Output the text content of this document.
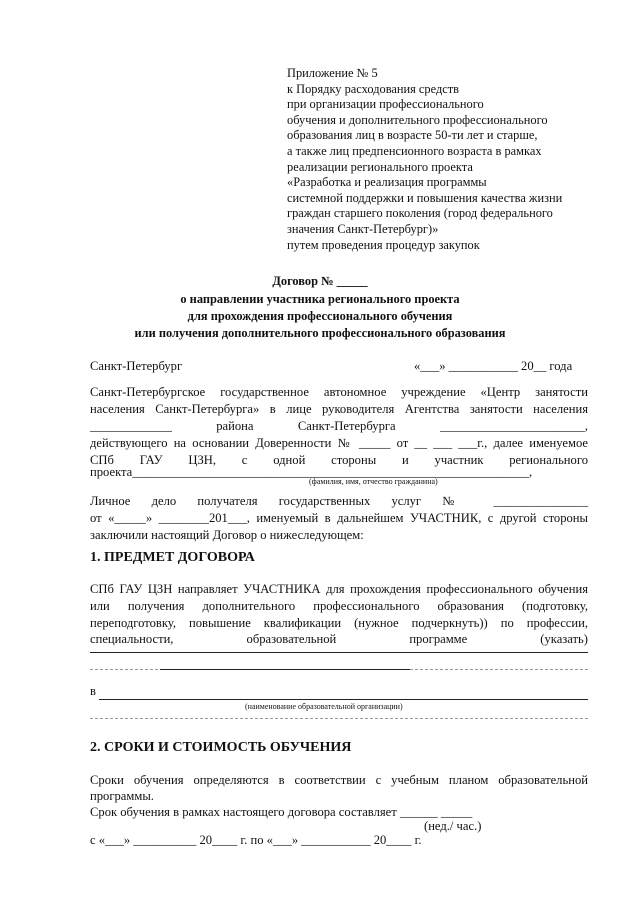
Приложение № 5
к Порядку расходования средств
при организации профессионального
обучения и дополнительного профессионального
образования лиц в возрасте 50-ти лет и старше,
а также лиц предпенсионного возраста в рамках
реализации регионального проекта
«Разработка и реализация программы
системной поддержки и повышения качества жизни
граждан старшего поколения (город федерального
значения Санкт-Петербург)»
путем проведения процедур закупок
Договор № _____
о направлении участника регионального проекта
для прохождения профессионального обучения
или получения дополнительного профессионального образования
Санкт-Петербург	«___» ___________ 20__ года
Санкт-Петербургское государственное автономное учреждение «Центр занятости
населения Санкт-Петербурга» в лице руководителя Агентства занятости населения
_____________ района Санкт-Петербурга _______________________,
действующего на основании Доверенности № _____ от __ ___ ___г., далее именуемое
СПб ГАУ ЦЗН, с одной стороны и участник регионального
проекта_______________________________________________________________,
(фамилия, имя, отчество гражданина)
Личное дело получателя государственных услуг № _______________
от «_____» ________201___, именуемый в дальнейшем УЧАСТНИК, с другой стороны
заключили настоящий Договор о нижеследующем:
1. ПРЕДМЕТ ДОГОВОРА
СПб ГАУ ЦЗН направляет УЧАСТНИКА для прохождения профессионального обучения
или получения дополнительного профессионального образования (подготовку,
переподготовку, повышение квалификации (нужное подчеркнуть)) по профессии,
специальности, образовательной программе (указать)
в
(наименование образовательной организации)
2. СРОКИ И СТОИМОСТЬ ОБУЧЕНИЯ
Сроки обучения определяются в соответствии с учебным планом образовательной
программы.
Срок обучения в рамках настоящего договора составляет ______ _____
(нед./ час.)
с «___» __________ 20____ г. по «___» ___________ 20____ г.
